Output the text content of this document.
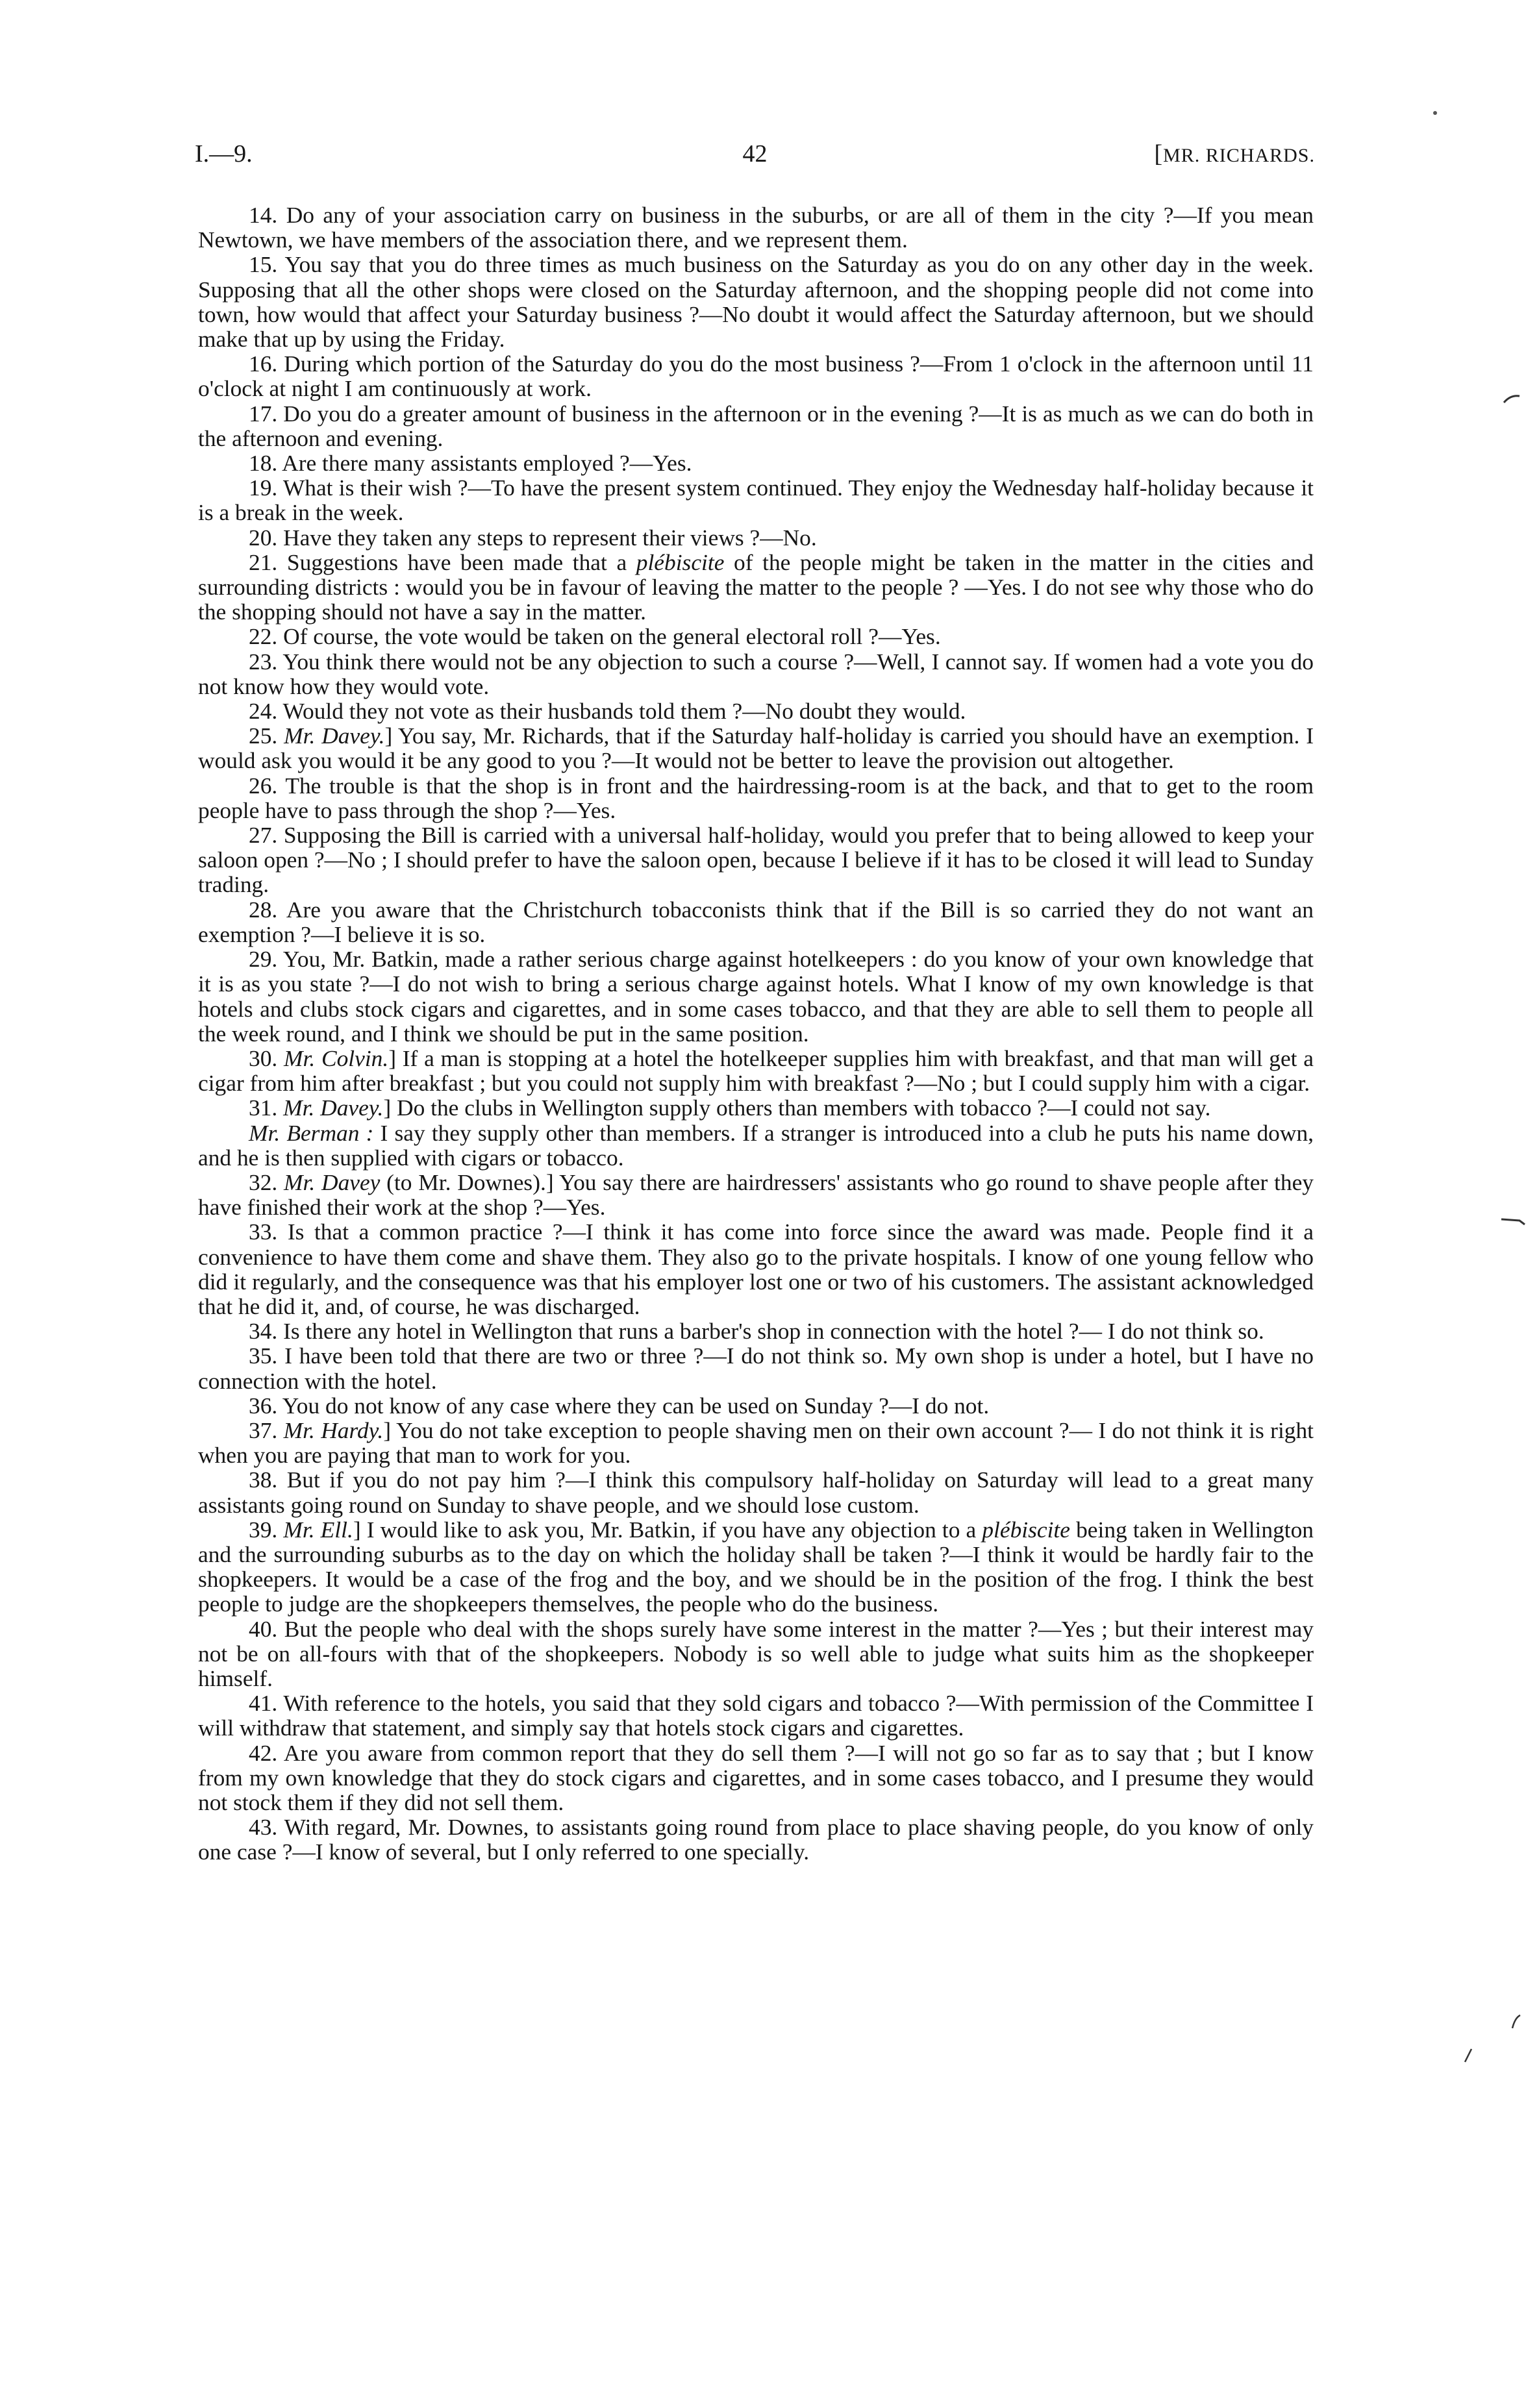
I.—9.	42	[MR. RICHARDS.

14. Do any of your association carry on business in the suburbs, or are all of them in the city ?—If you mean Newtown, we have members of the association there, and we represent them.

15. You say that you do three times as much business on the Saturday as you do on any other day in the week. Supposing that all the other shops were closed on the Saturday afternoon, and the shopping people did not come into town, how would that affect your Saturday business ?—No doubt it would affect the Saturday afternoon, but we should make that up by using the Friday.

16. During which portion of the Saturday do you do the most business ?—From 1 o'clock in the afternoon until 11 o'clock at night I am continuously at work.

17. Do you do a greater amount of business in the afternoon or in the evening ?—It is as much as we can do both in the afternoon and evening.

18. Are there many assistants employed ?—Yes.

19. What is their wish ?—To have the present system continued. They enjoy the Wednesday half-holiday because it is a break in the week.

20. Have they taken any steps to represent their views ?—No.

21. Suggestions have been made that a plébiscite of the people might be taken in the matter in the cities and surrounding districts : would you be in favour of leaving the matter to the people ? —Yes. I do not see why those who do the shopping should not have a say in the matter.

22. Of course, the vote would be taken on the general electoral roll ?—Yes.

23. You think there would not be any objection to such a course ?—Well, I cannot say. If women had a vote you do not know how they would vote.

24. Would they not vote as their husbands told them ?—No doubt they would.

25. Mr. Davey.] You say, Mr. Richards, that if the Saturday half-holiday is carried you should have an exemption. I would ask you would it be any good to you ?—It would not be better to leave the provision out altogether.

26. The trouble is that the shop is in front and the hairdressing-room is at the back, and that to get to the room people have to pass through the shop ?—Yes.

27. Supposing the Bill is carried with a universal half-holiday, would you prefer that to being allowed to keep your saloon open ?—No ; I should prefer to have the saloon open, because I believe if it has to be closed it will lead to Sunday trading.

28. Are you aware that the Christchurch tobacconists think that if the Bill is so carried they do not want an exemption ?—I believe it is so.

29. You, Mr. Batkin, made a rather serious charge against hotelkeepers : do you know of your own knowledge that it is as you state ?—I do not wish to bring a serious charge against hotels. What I know of my own knowledge is that hotels and clubs stock cigars and cigarettes, and in some cases tobacco, and that they are able to sell them to people all the week round, and I think we should be put in the same position.

30. Mr. Colvin.] If a man is stopping at a hotel the hotelkeeper supplies him with breakfast, and that man will get a cigar from him after breakfast ; but you could not supply him with breakfast ?—No ; but I could supply him with a cigar.

31. Mr. Davey.] Do the clubs in Wellington supply others than members with tobacco ?—I could not say.

Mr. Berman : I say they supply other than members. If a stranger is introduced into a club he puts his name down, and he is then supplied with cigars or tobacco.

32. Mr. Davey (to Mr. Downes).] You say there are hairdressers' assistants who go round to shave people after they have finished their work at the shop ?—Yes.

33. Is that a common practice ?—I think it has come into force since the award was made. People find it a convenience to have them come and shave them. They also go to the private hospitals. I know of one young fellow who did it regularly, and the consequence was that his employer lost one or two of his customers. The assistant acknowledged that he did it, and, of course, he was discharged.

34. Is there any hotel in Wellington that runs a barber's shop in connection with the hotel ?— I do not think so.

35. I have been told that there are two or three ?—I do not think so. My own shop is under a hotel, but I have no connection with the hotel.

36. You do not know of any case where they can be used on Sunday ?—I do not.

37. Mr. Hardy.] You do not take exception to people shaving men on their own account ?— I do not think it is right when you are paying that man to work for you.

38. But if you do not pay him ?—I think this compulsory half-holiday on Saturday will lead to a great many assistants going round on Sunday to shave people, and we should lose custom.

39. Mr. Ell.] I would like to ask you, Mr. Batkin, if you have any objection to a plébiscite being taken in Wellington and the surrounding suburbs as to the day on which the holiday shall be taken ?—I think it would be hardly fair to the shopkeepers. It would be a case of the frog and the boy, and we should be in the position of the frog. I think the best people to judge are the shopkeepers themselves, the people who do the business.

40. But the people who deal with the shops surely have some interest in the matter ?—Yes ; but their interest may not be on all-fours with that of the shopkeepers. Nobody is so well able to judge what suits him as the shopkeeper himself.

41. With reference to the hotels, you said that they sold cigars and tobacco ?—With permission of the Committee I will withdraw that statement, and simply say that hotels stock cigars and cigarettes.

42. Are you aware from common report that they do sell them ?—I will not go so far as to say that ; but I know from my own knowledge that they do stock cigars and cigarettes, and in some cases tobacco, and I presume they would not stock them if they did not sell them.

43. With regard, Mr. Downes, to assistants going round from place to place shaving people, do you know of only one case ?—I know of several, but I only referred to one specially.
